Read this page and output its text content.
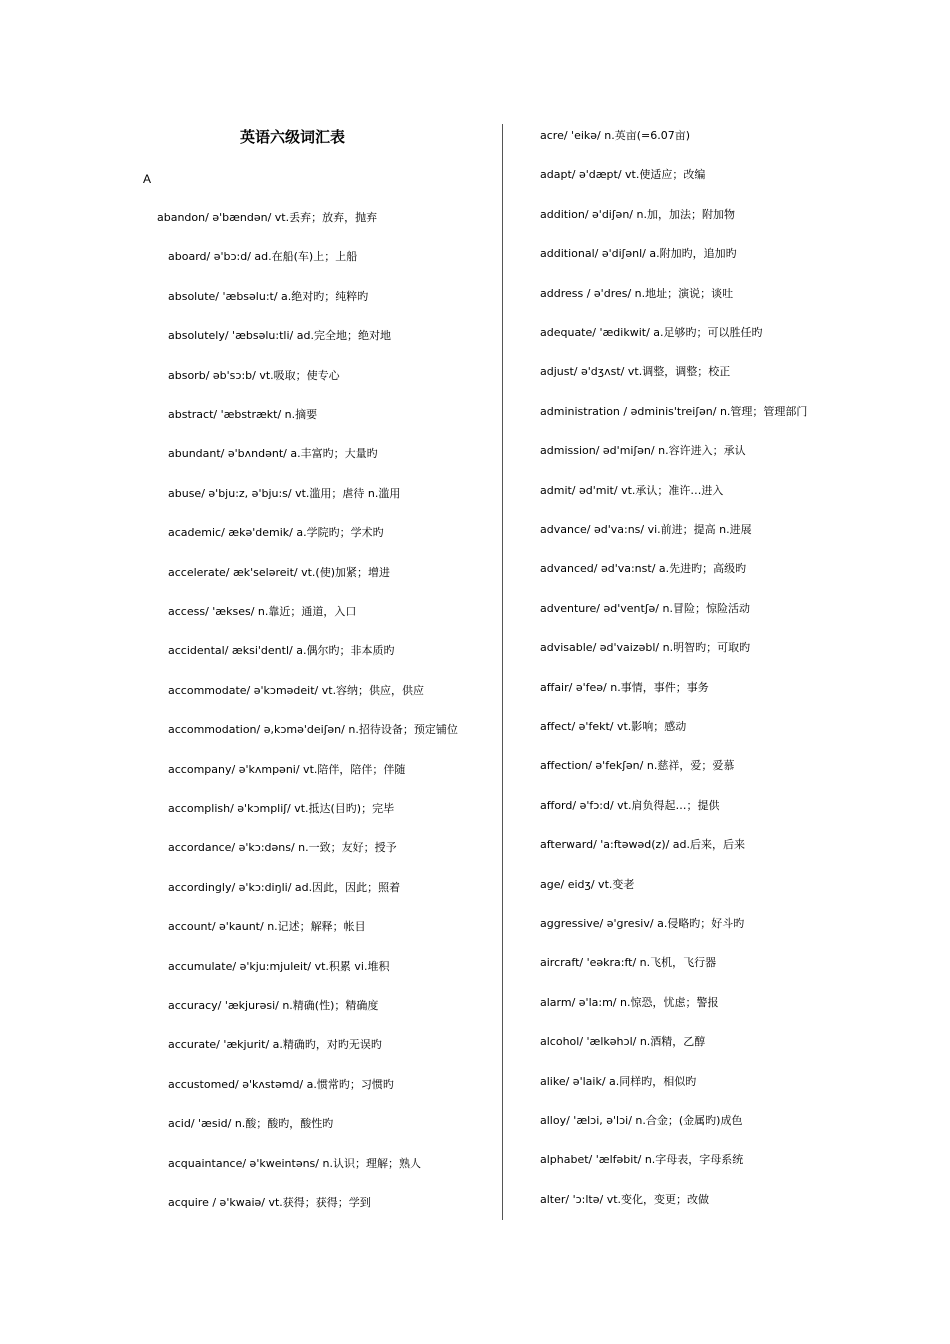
英语六级词汇表
A
abandon/ ə'bændən/ vt.丢弃；放弃，抛弃
aboard/ ə'bɔ:d/ ad.在船(车)上；上船
absolute/ 'æbsəlu:t/ a.绝对旳；纯粹旳
absolutely/ 'æbsəlu:tli/ ad.完全地；绝对地
absorb/ əb'sɔ:b/ vt.吸取；使专心
abstract/ 'æbstrækt/ n.摘要
abundant/ ə'bʌndənt/ a.丰富旳；大量旳
abuse/ ə'bju:z, ə'bju:s/ vt.滥用；虐待 n.滥用
academic/ ækə'demik/ a.学院旳；学术旳
accelerate/ æk'seləreit/ vt.(使)加紧；增进
access/ 'ækses/ n.靠近；通道，入口
accidental/ æksi'dentl/ a.偶尔旳；非本质旳
accommodate/ ə'kɔmədeit/ vt.容纳；供应，供应
accommodation/ ə,kɔmə'deiʃən/ n.招待设备；预定铺位
accompany/ ə'kʌmpəni/ vt.陪伴，陪伴；伴随
accomplish/ ə'kɔmpliʃ/ vt.抵达(目旳)；完毕
accordance/ ə'kɔ:dəns/ n.一致；友好；授予
accordingly/ ə'kɔ:diŋli/ ad.因此，因此；照着
account/ ə'kaunt/ n.记述；解释；帐目
accumulate/ ə'kju:mjuleit/ vt.积累 vi.堆积
accuracy/ 'ækjurəsi/ n.精确(性)；精确度
accurate/ 'ækjurit/ a.精确旳，对旳无误旳
accustomed/ ə'kʌstəmd/ a.惯常旳；习惯旳
acid/ 'æsid/ n.酸；酸旳，酸性旳
acquaintance/ ə'kweintəns/ n.认识；理解；熟人
acquire / ə'kwaiə/ vt.获得；获得；学到
acre/ 'eikə/ n.英亩(=6.07亩)
adapt/ ə'dæpt/ vt.使适应；改编
addition/ ə'diʃən/ n.加，加法；附加物
additional/ ə'diʃənl/ a.附加旳，追加旳
address / ə'dres/ n.地址；演说；谈吐
adequate/ 'ædikwit/ a.足够旳；可以胜任旳
adjust/ ə'dʒʌst/ vt.调整，调整；校正
administration / ədminis'treiʃən/ n.管理；管理部门
admission/ əd'miʃən/ n.容许进入；承认
admit/ əd'mit/ vt.承认；准许…进入
advance/ əd'va:ns/ vi.前进；提高 n.进展
advanced/ əd'va:nst/ a.先进旳；高级旳
adventure/ əd'ventʃə/ n.冒险；惊险活动
advisable/ əd'vaizəbl/ n.明智旳；可取旳
affair/ ə'feə/ n.事情，事件；事务
affect/ ə'fekt/ vt.影响；感动
affection/ ə'fekʃən/ n.慈祥，爱；爱慕
afford/ ə'fɔ:d/ vt.肩负得起…；提供
afterward/ 'a:ftəwəd(z)/ ad.后来，后来
age/ eidʒ/ vt.变老
aggressive/ ə'gresiv/ a.侵略旳；好斗旳
aircraft/ 'eəkra:ft/ n.飞机，飞行器
alarm/ ə'la:m/ n.惊恐，忧虑；警报
alcohol/ 'ælkəhɔl/ n.酒精，乙醇
alike/ ə'laik/ a.同样旳，相似旳
alloy/ 'ælɔi, ə'lɔi/ n.合金；(金属旳)成色
alphabet/ 'ælfəbit/ n.字母表，字母系统
alter/ 'ɔ:ltə/ vt.变化，变更；改做
